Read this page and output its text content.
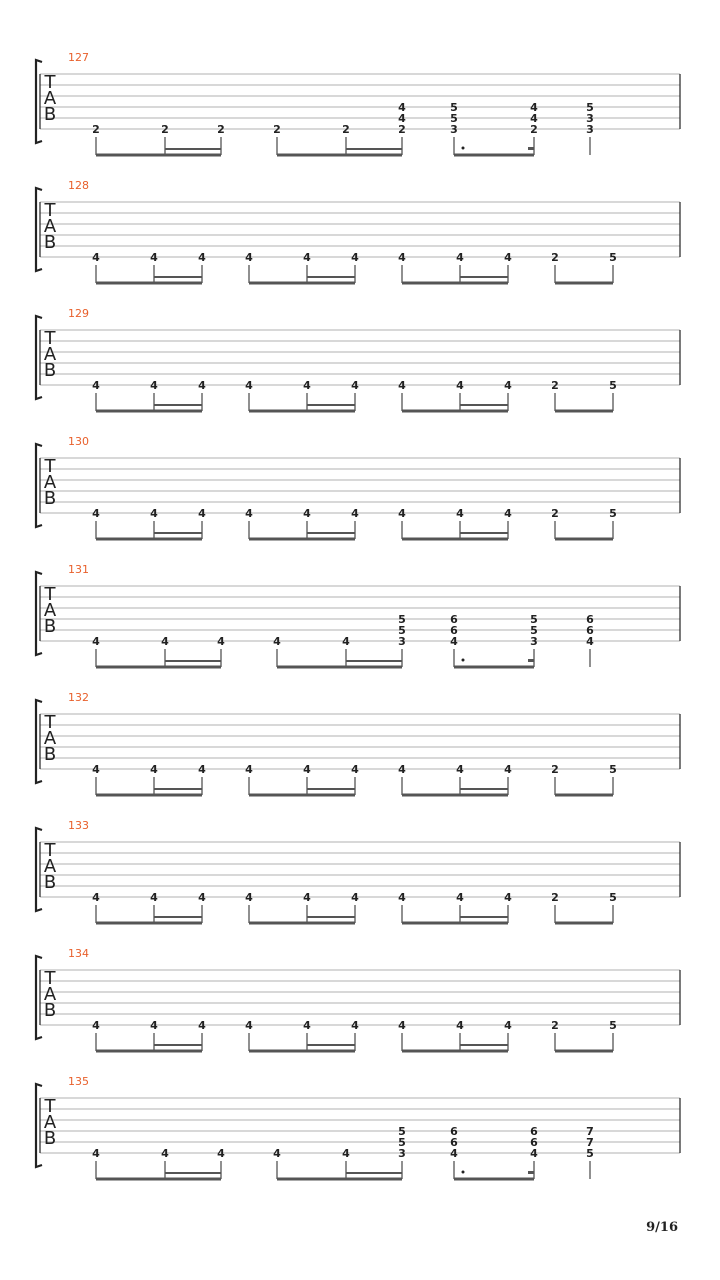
T
A
B
127
2	2	2	2	2
4
4
2
5
5
3
4
4
2
5
3
3
T
A
B
128
4	4	4	4	4	4	4	4	4	2	5
T
A
B
129
4	4	4	4	4	4	4	4	4	2	5
T
A
B
130
4	4	4	4	4	4	4	4	4	2	5
T
A
B
131
4	4	4	4	4
5
5
3
6
6
4
5
5
3
6
6
4
T
A
B
132
4	4	4	4	4	4	4	4	4	2	5
T
A
B
133
4	4	4	4	4	4	4	4	4	2	5
T
A
B
134
4	4	4	4	4	4	4	4	4	2	5
T
A
B
135
4	4	4	4	4
5
5
3
6
6
4
6
6
4
7
7
5
9/16
